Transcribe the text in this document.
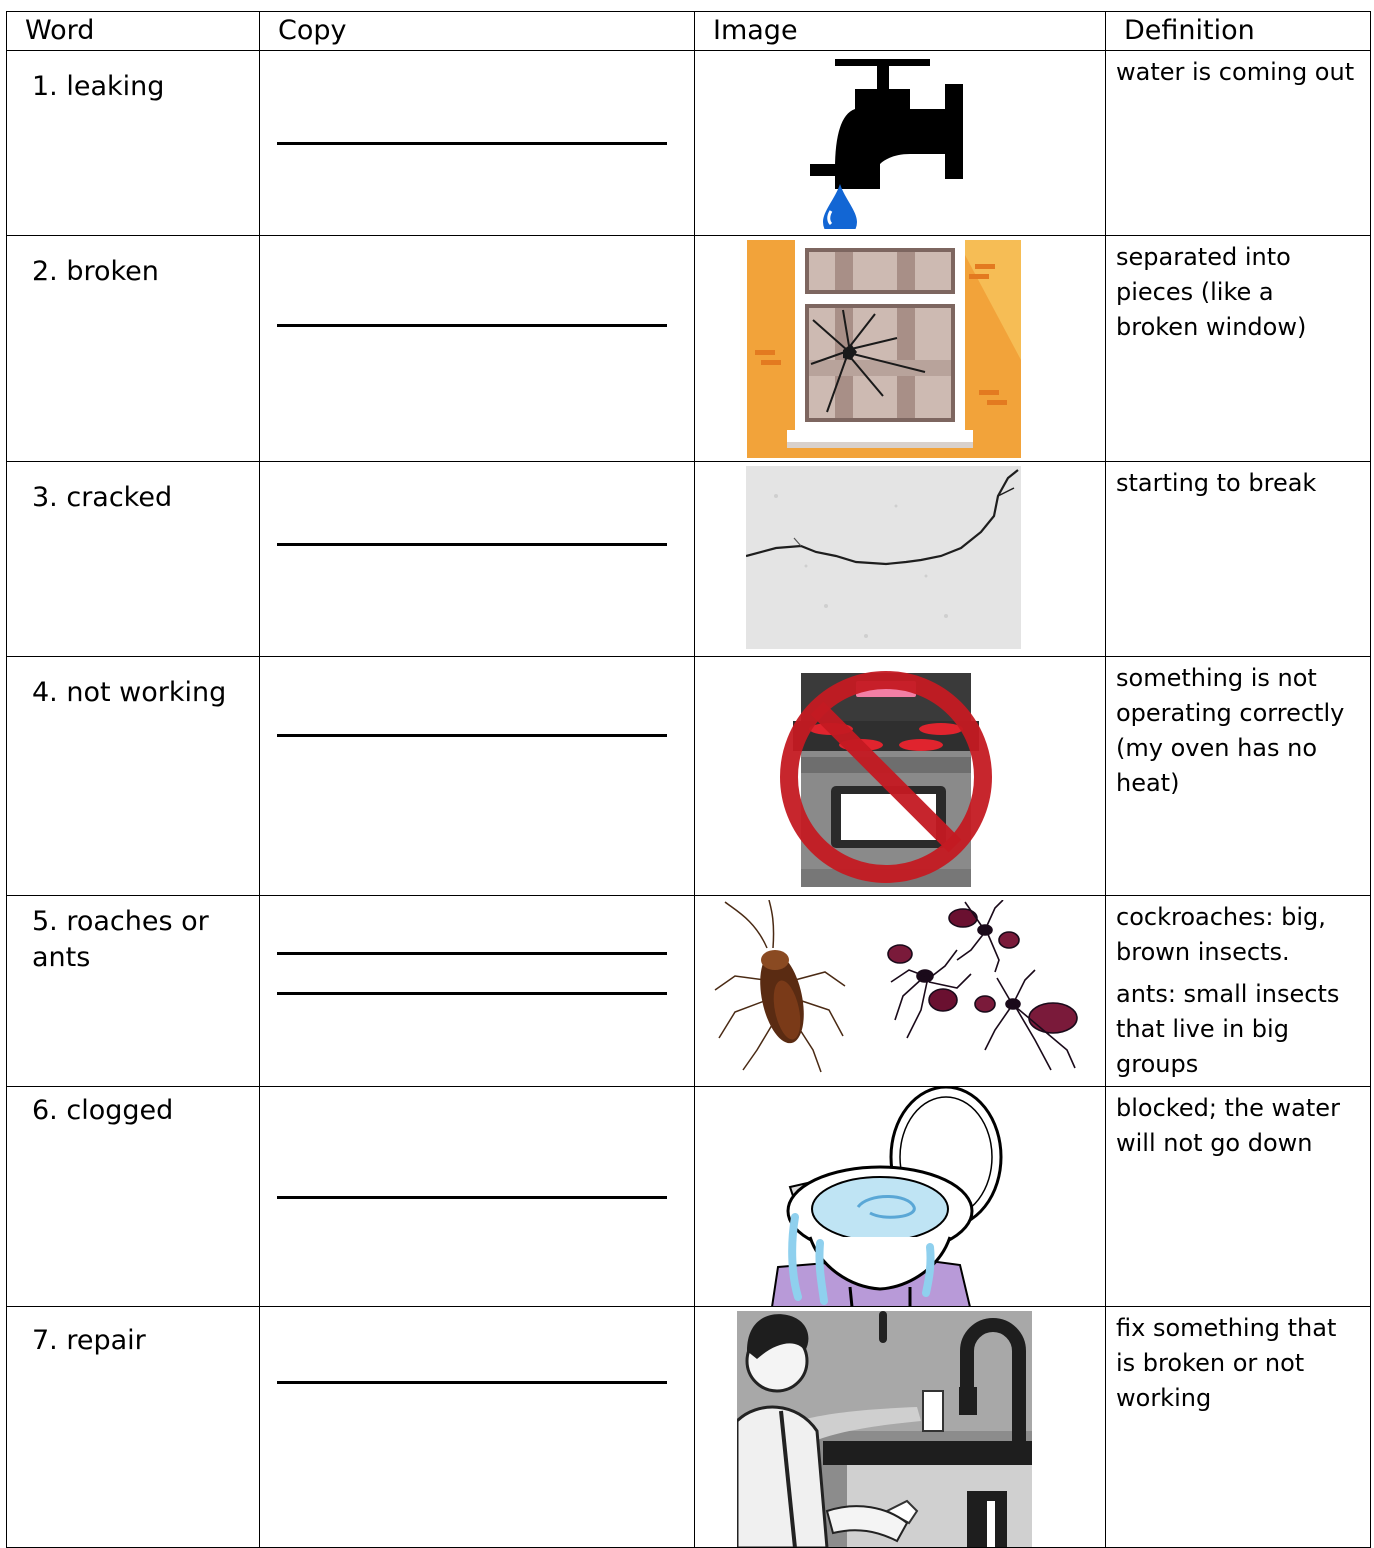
Word	Copy	Image	Definition
1. leaking			water is coming out

2. broken			separated into pieces (like a broken window)

3. cracked			starting to break

4. not working			something is not operating correctly (my oven has no heat)

5. roaches or ants			cockroaches: big, brown insects.

ants: small insects that live in big groups

6. clogged			blocked; the water will not go down

7. repair			fix something that is broken or not working
